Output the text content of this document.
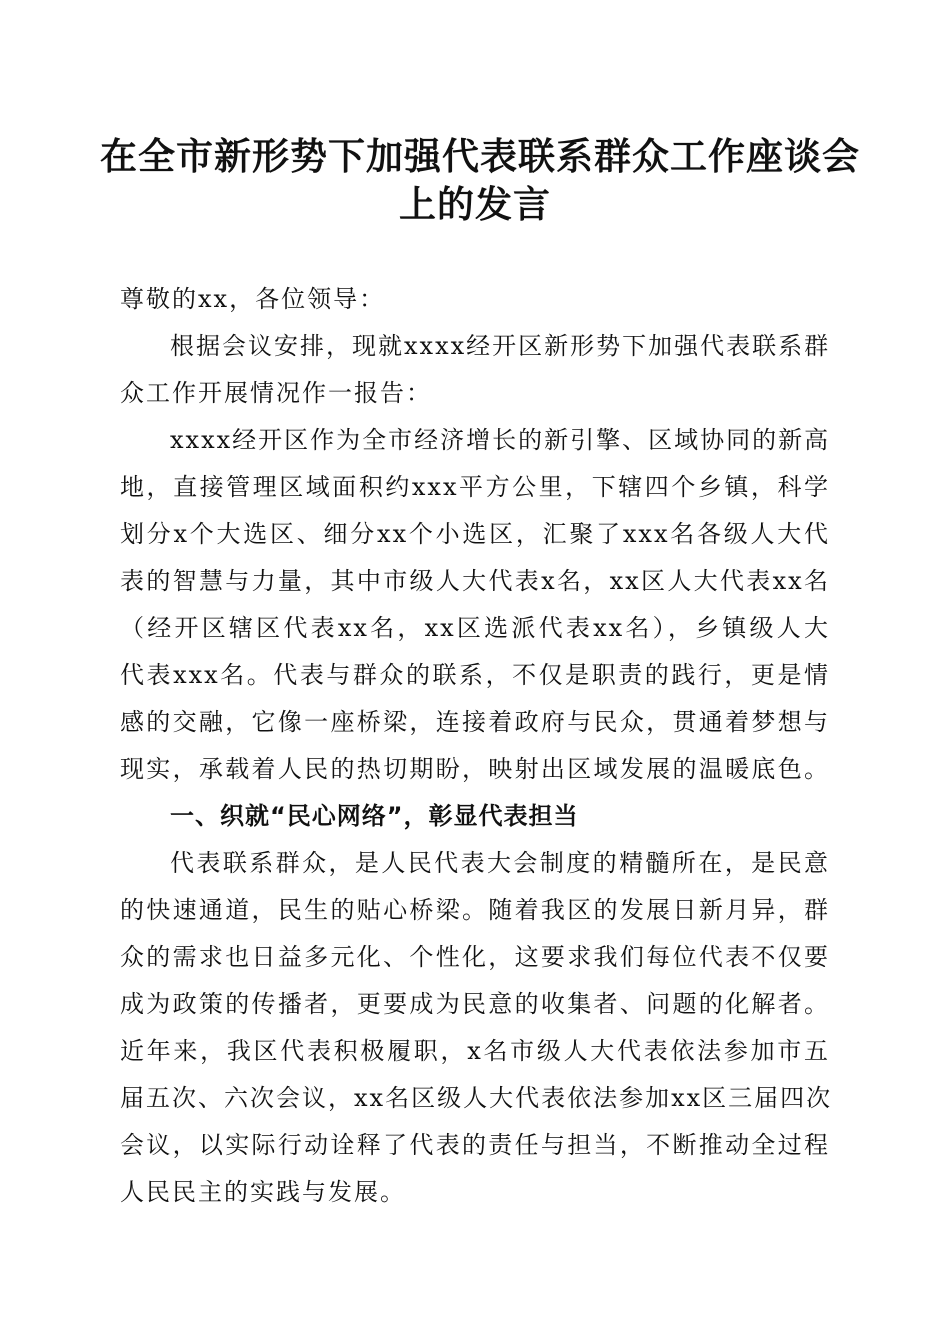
在全市新形势下加强代表联系群众工作座谈会
上的发言
尊敬的xx，各位领导：
根据会议安排，现就xxxx经开区新形势下加强代表联系群
众工作开展情况作一报告：
xxxx经开区作为全市经济增长的新引擎、区域协同的新高
地，直接管理区域面积约xxx平方公里，下辖四个乡镇，科学
划分x个大选区、细分xx个小选区，汇聚了xxx名各级人大代
表的智慧与力量，其中市级人大代表x名，xx区人大代表xx名
（经开区辖区代表xx名，xx区选派代表xx名），乡镇级人大
代表xxx名。代表与群众的联系，不仅是职责的践行，更是情
感的交融，它像一座桥梁，连接着政府与民众，贯通着梦想与
现实，承载着人民的热切期盼，映射出区域发展的温暖底色。
一、织就“民心网络”，彰显代表担当
代表联系群众，是人民代表大会制度的精髓所在，是民意
的快速通道，民生的贴心桥梁。随着我区的发展日新月异，群
众的需求也日益多元化、个性化，这要求我们每位代表不仅要
成为政策的传播者，更要成为民意的收集者、问题的化解者。
近年来，我区代表积极履职，x名市级人大代表依法参加市五
届五次、六次会议，xx名区级人大代表依法参加xx区三届四次
会议，以实际行动诠释了代表的责任与担当，不断推动全过程
人民民主的实践与发展。
